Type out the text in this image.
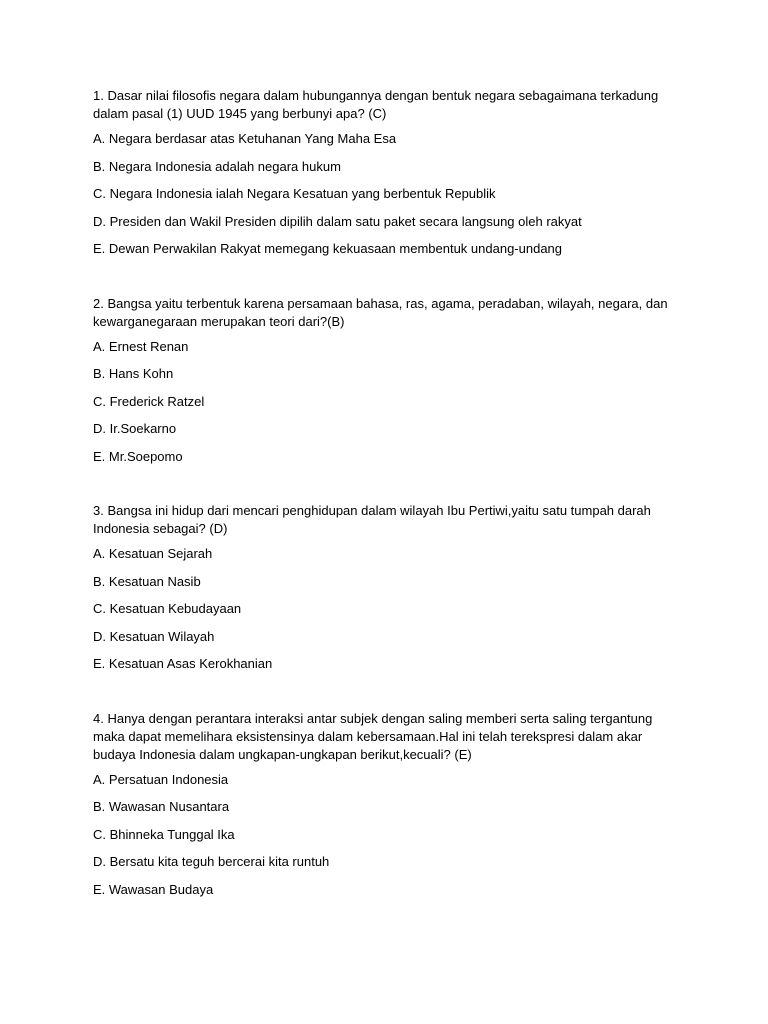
1. Dasar nilai filosofis negara dalam hubungannya dengan bentuk negara sebagaimana terkadung dalam pasal (1) UUD 1945 yang berbunyi apa? (C)

A. Negara berdasar atas Ketuhanan Yang Maha Esa

B. Negara Indonesia adalah negara hukum

C. Negara Indonesia ialah Negara Kesatuan yang berbentuk Republik

D. Presiden dan Wakil Presiden dipilih dalam satu paket secara langsung oleh rakyat

E. Dewan Perwakilan Rakyat memegang kekuasaan membentuk undang-undang

2. Bangsa yaitu terbentuk karena persamaan bahasa, ras, agama, peradaban, wilayah, negara, dan kewarganegaraan merupakan teori dari?(B)

A. Ernest Renan

B. Hans Kohn

C. Frederick Ratzel

D. Ir.Soekarno

E. Mr.Soepomo

3. Bangsa ini hidup dari mencari penghidupan dalam wilayah Ibu Pertiwi,yaitu satu tumpah darah Indonesia sebagai? (D)

A. Kesatuan Sejarah

B. Kesatuan Nasib

C. Kesatuan Kebudayaan

D. Kesatuan Wilayah

E. Kesatuan Asas Kerokhanian

4. Hanya dengan perantara interaksi antar subjek dengan saling memberi serta saling tergantung maka dapat memelihara eksistensinya dalam kebersamaan.Hal ini telah terekspresi dalam akar budaya Indonesia dalam ungkapan-ungkapan berikut,kecuali? (E)

A. Persatuan Indonesia

B. Wawasan Nusantara

C. Bhinneka Tunggal Ika

D. Bersatu kita teguh bercerai kita runtuh

E. Wawasan Budaya
